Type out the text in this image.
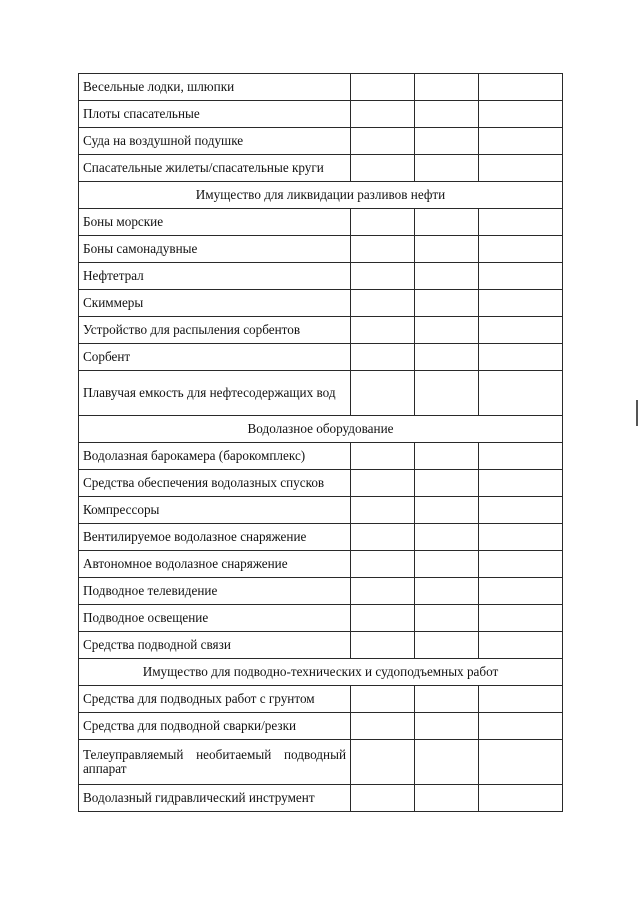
Весельные лодки, шлюпки			
Плоты спасательные			
Суда на воздушной подушке			
Спасательные жилеты/спасательные круги			
Имущество для ликвидации разливов нефти			
Боны морские			
Боны самонадувные			
Нефтетрал			
Скиммеры			
Устройство для распыления сорбентов			
Сорбент			
Плавучая емкость для нефтесодержащих вод			
Водолазное оборудование			
Водолазная барокамера (барокомплекс)			
Средства обеспечения водолазных спусков			
Компрессоры			
Вентилируемое водолазное снаряжение			
Автономное водолазное снаряжение			
Подводное телевидение			
Подводное освещение			
Средства подводной связи			
Имущество для подводно-технических и судоподъемных работ			
Средства для подводных работ с грунтом			
Средства для подводной сварки/резки			
Телеуправляемый необитаемый подводный аппарат			
Водолазный гидравлический инструмент			
